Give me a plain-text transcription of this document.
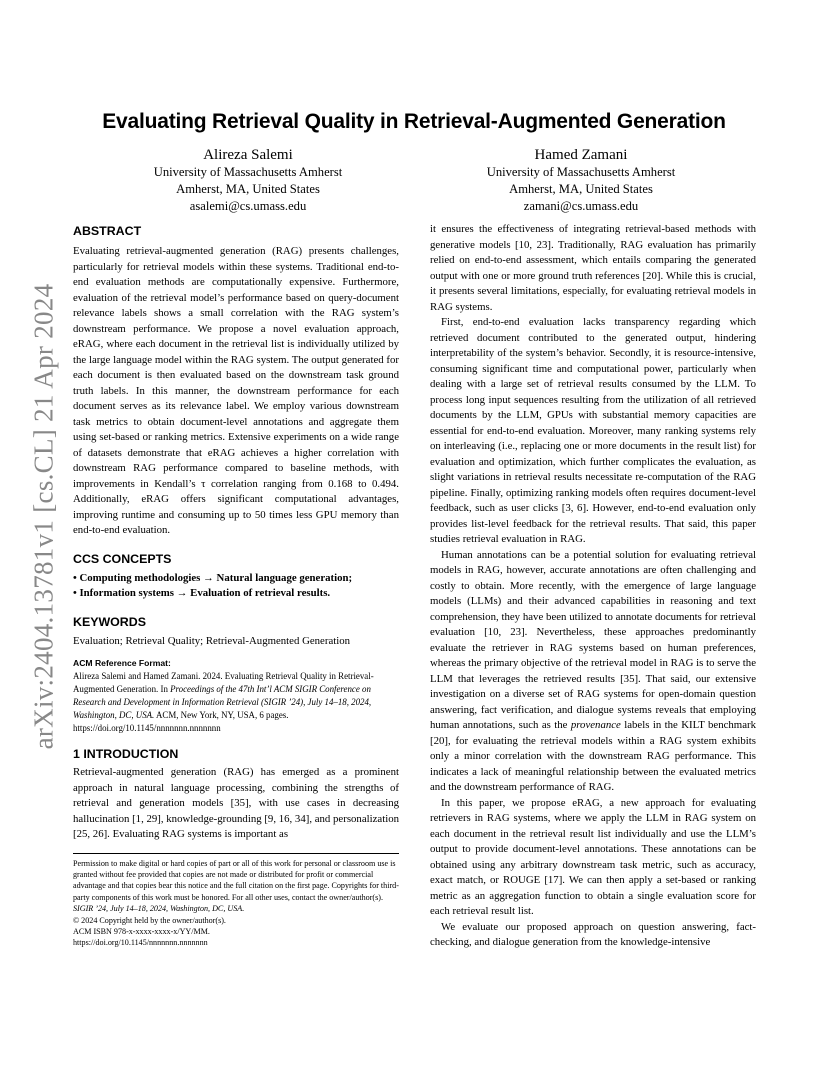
arXiv:2404.13781v1 [cs.CL] 21 Apr 2024
Evaluating Retrieval Quality in Retrieval-Augmented Generation
Alireza Salemi
University of Massachusetts Amherst
Amherst, MA, United States
asalemi@cs.umass.edu
Hamed Zamani
University of Massachusetts Amherst
Amherst, MA, United States
zamani@cs.umass.edu
ABSTRACT

Evaluating retrieval-augmented generation (RAG) presents challenges, particularly for retrieval models within these systems. Traditional end-to-end evaluation methods are computationally expensive. Furthermore, evaluation of the retrieval model’s performance based on query-document relevance labels shows a small correlation with the RAG system’s downstream performance. We propose a novel evaluation approach, eRAG, where each document in the retrieval list is individually utilized by the large language model within the RAG system. The output generated for each document is then evaluated based on the downstream task ground truth labels. In this manner, the downstream performance for each document serves as its relevance label. We employ various downstream task metrics to obtain document-level annotations and aggregate them using set-based or ranking metrics. Extensive experiments on a wide range of datasets demonstrate that eRAG achieves a higher correlation with downstream RAG performance compared to baseline methods, with improvements in Kendall’s τ correlation ranging from 0.168 to 0.494. Additionally, eRAG offers significant computational advantages, improving runtime and consuming up to 50 times less GPU memory than end-to-end evaluation.

CCS CONCEPTS
• Computing methodologies → Natural language generation;
• Information systems → Evaluation of retrieval results.
KEYWORDS

Evaluation; Retrieval Quality; Retrieval-Augmented Generation

ACM Reference Format:

Alireza Salemi and Hamed Zamani. 2024. Evaluating Retrieval Quality in Retrieval-Augmented Generation. In Proceedings of the 47th Int’l ACM SIGIR Conference on Research and Development in Information Retrieval (SIGIR ’24), July 14–18, 2024, Washington, DC, USA. ACM, New York, NY, USA, 6 pages. https://doi.org/10.1145/nnnnnnn.nnnnnnn

1 INTRODUCTION

Retrieval-augmented generation (RAG) has emerged as a prominent approach in natural language processing, combining the strengths of retrieval and generation models [35], with use cases in decreasing hallucination [1, 29], knowledge-grounding [9, 16, 34], and personalization [25, 26]. Evaluating RAG systems is important as

Permission to make digital or hard copies of part or all of this work for personal or classroom use is granted without fee provided that copies are not made or distributed for profit or commercial advantage and that copies bear this notice and the full citation on the first page. Copyrights for third-party components of this work must be honored. For all other uses, contact the owner/author(s).

SIGIR ’24, July 14–18, 2024, Washington, DC, USA.

© 2024 Copyright held by the owner/author(s).

ACM ISBN 978-x-xxxx-xxxx-x/YY/MM.

https://doi.org/10.1145/nnnnnnn.nnnnnnn

it ensures the effectiveness of integrating retrieval-based methods with generative models [10, 23]. Traditionally, RAG evaluation has primarily relied on end-to-end assessment, which entails comparing the generated output with one or more ground truth references [20]. While this is crucial, it presents several limitations, especially, for evaluating retrieval models in RAG systems.

First, end-to-end evaluation lacks transparency regarding which retrieved document contributed to the generated output, hindering interpretability of the system’s behavior. Secondly, it is resource-intensive, consuming significant time and computational power, particularly when dealing with a large set of retrieval results consumed by the LLM. To process long input sequences resulting from the utilization of all retrieved documents by the LLM, GPUs with substantial memory capacities are essential for end-to-end evaluation. Moreover, many ranking systems rely on interleaving (i.e., replacing one or more documents in the result list) for evaluation and optimization, which further complicates the evaluation, as slight variations in retrieval results necessitate re-computation of the RAG pipeline. Finally, optimizing ranking models often requires document-level feedback, such as user clicks [3, 6]. However, end-to-end evaluation only provides list-level feedback for the retrieval results. That said, this paper studies retrieval evaluation in RAG.

Human annotations can be a potential solution for evaluating retrieval models in RAG, however, accurate annotations are often challenging and costly to obtain. More recently, with the emergence of large language models (LLMs) and their advanced capabilities in reasoning and text comprehension, they have been utilized to annotate documents for retrieval evaluation [10, 23]. Nevertheless, these approaches predominantly evaluate the retriever in RAG systems based on human preferences, whereas the primary objective of the retrieval model in RAG is to serve the LLM that leverages the retrieved results [35]. That said, our extensive investigation on a diverse set of RAG systems for open-domain question answering, fact verification, and dialogue systems reveals that employing human annotations, such as the provenance labels in the KILT benchmark [20], for evaluating the retrieval models within a RAG system exhibits only a minor correlation with the downstream RAG performance. This indicates a lack of meaningful relationship between the evaluated metrics and the downstream performance of RAG.

In this paper, we propose eRAG, a new approach for evaluating retrievers in RAG systems, where we apply the LLM in RAG system on each document in the retrieval result list individually and use the LLM’s output to provide document-level annotations. These annotations can be obtained using any arbitrary downstream task metric, such as accuracy, exact match, or ROUGE [17]. We can then apply a set-based or ranking metric as an aggregation function to obtain a single evaluation score for each retrieval result list.

We evaluate our proposed approach on question answering, fact-checking, and dialogue generation from the knowledge-intensive
